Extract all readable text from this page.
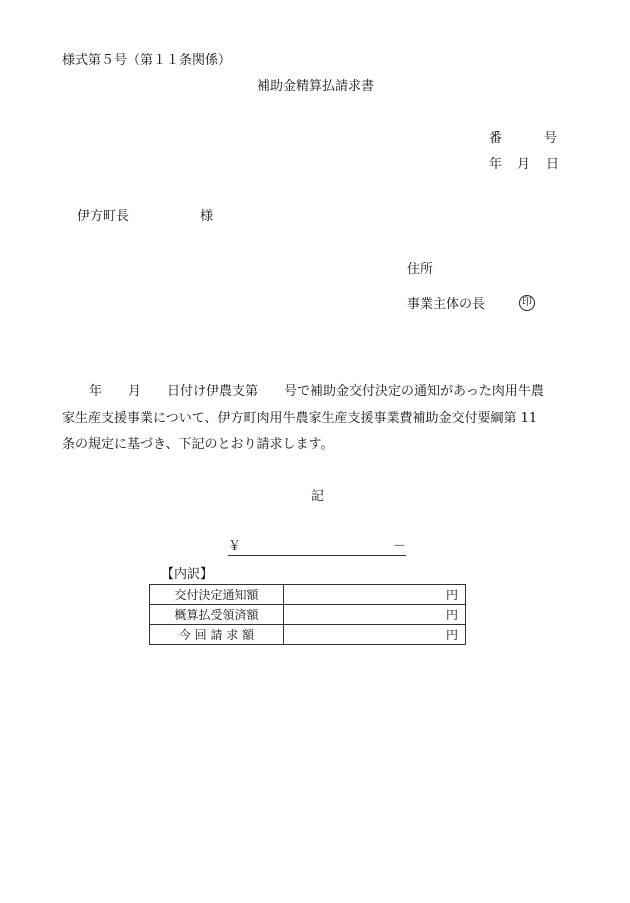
様式第５号（第１１条関係）
補助金精算払請求書
番	号
年 月 日
伊方町長	様
住所
事業主体の長	印
年　　月　　日付け伊農支第　　号で補助金交付決定の通知があった肉用牛農
家生産支援事業について、伊方町肉用牛農家生産支援事業費補助金交付要綱第 11
条の規定に基づき、下記のとおり請求します。
記
￥	－
【内訳】
交付決定通知額	円
概算払受領済額	円
今 回 請 求 額	円
